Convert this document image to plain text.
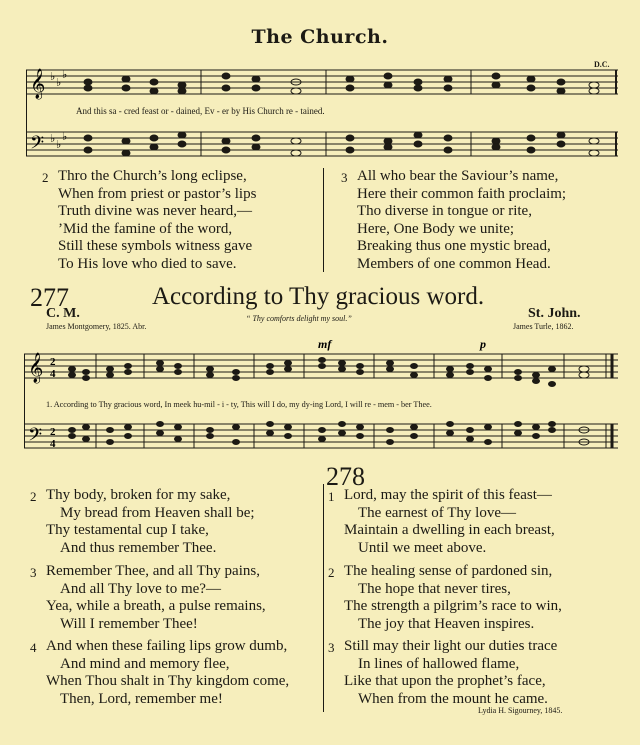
The Church.
D.C.
𝄞
𝄢
♭ ♭
♭
♭ ♭
♭
And this sa - cred feast or - dained, Ev - er by His Church re - tained.
2 Thro the Church’s long eclipse,
When from priest or pastor’s lips
Truth divine was never heard,—
’Mid the famine of the word,
Still these symbols witness gave
To His love who died to save.
3 All who bear the Saviour’s name,
Here their common faith proclaim;
Tho diverse in tongue or rite,
Here, One Body we unite;
Breaking thus one mystic bread,
Members of one common Head.
277	According to Thy gracious word.
C. M.	St. John.
James Montgomery, 1825. Abr.
“ Thy comforts delight my soul.”
James Turle, 1862.
𝄞
𝄢
2
4
2
4
mf	p
1. According to Thy gracious word, In meek hu-mil - i - ty, This will I do, my dy-ing Lord, I will re - mem - ber Thee.
278
2 Thy body, broken for my sake,
My bread from Heaven shall be;
Thy testamental cup I take,
And thus remember Thee.
3 Remember Thee, and all Thy pains,
And all Thy love to me?—
Yea, while a breath, a pulse remains,
Will I remember Thee!
4 And when these failing lips grow dumb,
And mind and memory flee,
When Thou shalt in Thy kingdom come,
Then, Lord, remember me!
1 Lord, may the spirit of this feast—
The earnest of Thy love—
Maintain a dwelling in each breast,
Until we meet above.
2 The healing sense of pardoned sin,
The hope that never tires,
The strength a pilgrim’s race to win,
The joy that Heaven inspires.
3 Still may their light our duties trace
In lines of hallowed flame,
Like that upon the prophet’s face,
When from the mount he came.
Lydia H. Sigourney, 1845.
